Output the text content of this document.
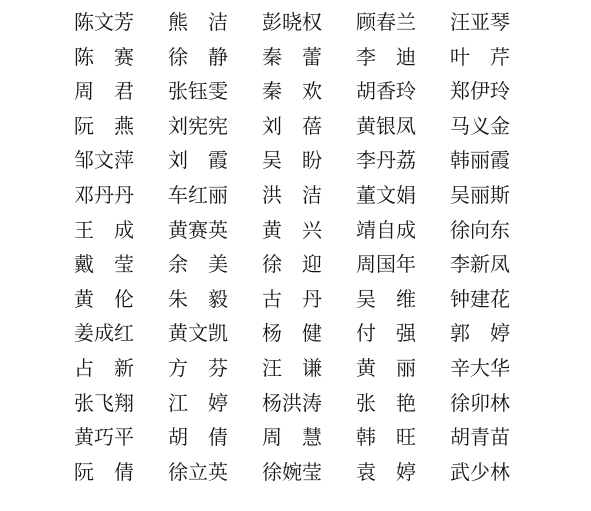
陈文芳 熊　洁 彭晓权 顾春兰 汪亚琴
陈　赛 徐　静 秦　蕾 李　迪 叶　芹
周　君 张钰雯 秦　欢 胡香玲 郑伊玲
阮　燕 刘宪宪 刘　蓓 黄银凤 马义金
邹文萍 刘　霞 吴　盼 李丹荔 韩丽霞
邓丹丹 车红丽 洪　洁 董文娟 吴丽斯
王　成 黄赛英 黄　兴 靖自成 徐向东
戴　莹 余　美 徐　迎 周国年 李新凤
黄　伦 朱　毅 古　丹 吴　维 钟建花
姜成红 黄文凯 杨　健 付　强 郭　婷
占　新 方　芬 汪　谦 黄　丽 辛大华
张飞翔 江　婷 杨洪涛 张　艳 徐卯林
黄巧平 胡　倩 周　慧 韩　旺 胡青苗
阮　倩 徐立英 徐婉莹 袁　婷 武少林
